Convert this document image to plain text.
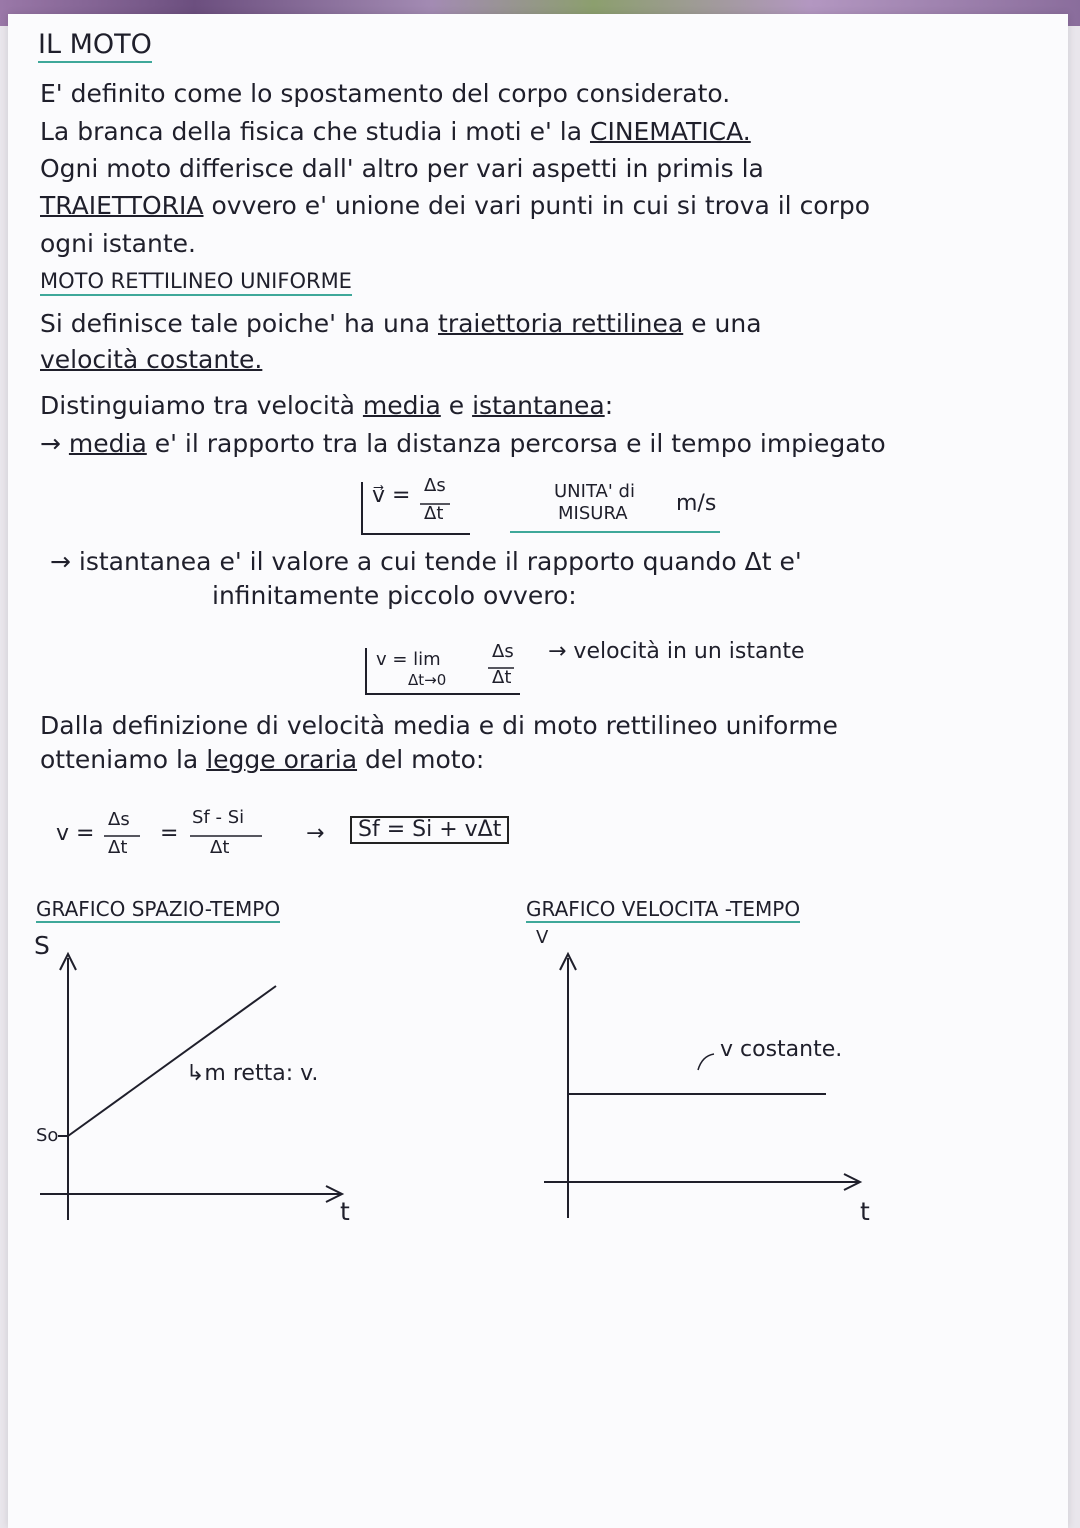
IL MOTO
E' definito come lo spostamento del corpo considerato.
La branca della fisica che studia i moti e' la CINEMATICA.
Ogni moto differisce dall' altro per vari aspetti in primis la
TRAIETTORIA ovvero e' unione dei vari punti in cui si trova il corpo
ogni istante.
MOTO RETTILINEO UNIFORME
Si definisce tale poiche' ha una traiettoria rettilinea e una
velocità costante.
Distinguiamo tra velocità media e istantanea:
→ media e' il rapporto tra la distanza percorsa e il tempo impiegato
v⃗ = Δs
Δt
UNITA' di
MISURA m/s
→ istantanea e' il valore a cui tende il rapporto quando Δt e'
infinitamente piccolo ovvero:
v = lim
Δt→0
Δs
Δt
→ velocità in un istante
Dalla definizione di velocità media e di moto rettilineo uniforme
otteniamo la legge oraria del moto:
v =
Δs
Δt
=
Sf - Si
Δt
→	Sf = Si + vΔt
GRAFICO SPAZIO-TEMPO	GRAFICO VELOCITA -TEMPO
S
t
So
↳m retta: v.
V
t
v costante.
